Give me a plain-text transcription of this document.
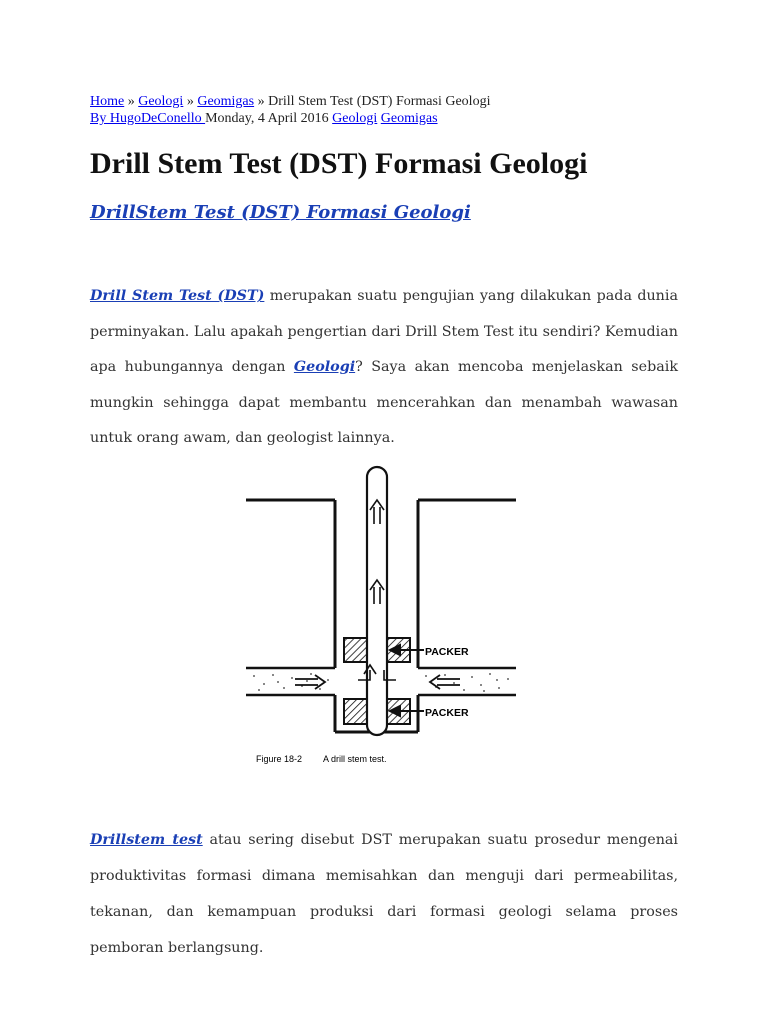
Home » Geologi » Geomigas » Drill Stem Test (DST) Formasi Geologi
By HugoDeConello Monday, 4 April 2016 Geologi Geomigas
Drill Stem Test (DST) Formasi Geologi
DrillStem Test (DST) Formasi Geologi

Drill Stem Test (DST) merupakan suatu pengujian yang dilakukan pada dunia perminyakan. Lalu apakah pengertian dari Drill Stem Test itu sendiri? Kemudian apa hubungannya dengan Geologi? Saya akan mencoba menjelaskan sebaik mungkin sehingga dapat membantu mencerahkan dan menambah wawasan untuk orang awam, dan geologist lainnya.

PACKER
PACKER
Figure 18-2 A drill stem test.

Drillstem test atau sering disebut DST merupakan suatu prosedur mengenai produktivitas formasi dimana memisahkan dan menguji dari permeabilitas, tekanan, dan kemampuan produksi dari formasi geologi selama proses pemboran berlangsung.
